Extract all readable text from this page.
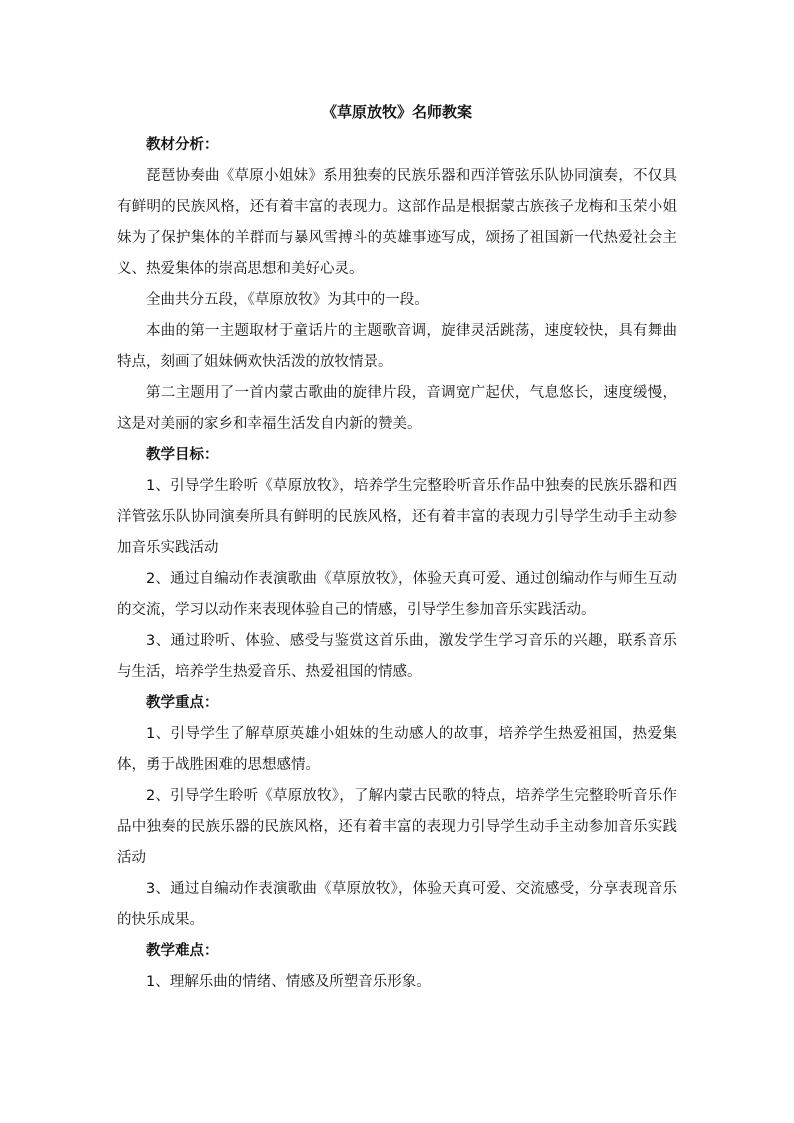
《草原放牧》名师教案

教材分析：

琵琶协奏曲《草原小姐妹》系用独奏的民族乐器和西洋管弦乐队协同演奏，不仅具有鲜明的民族风格，还有着丰富的表现力。这部作品是根据蒙古族孩子龙梅和玉荣小姐妹为了保护集体的羊群而与暴风雪搏斗的英雄事迹写成，颂扬了祖国新一代热爱社会主义、热爱集体的崇高思想和美好心灵。

全曲共分五段，《草原放牧》为其中的一段。

本曲的第一主题取材于童话片的主题歌音调，旋律灵活跳荡，速度较快，具有舞曲特点，刻画了姐妹俩欢快活泼的放牧情景。

第二主题用了一首内蒙古歌曲的旋律片段，音调宽广起伏，气息悠长，速度缓慢，这是对美丽的家乡和幸福生活发自内新的赞美。

教学目标：

1、引导学生聆听《草原放牧》，培养学生完整聆听音乐作品中独奏的民族乐器和西洋管弦乐队协同演奏所具有鲜明的民族风格，还有着丰富的表现力引导学生动手主动参加音乐实践活动

2、通过自编动作表演歌曲《草原放牧》，体验天真可爱、通过创编动作与师生互动的交流，学习以动作来表现体验自己的情感，引导学生参加音乐实践活动。

3、通过聆听、体验、感受与鉴赏这首乐曲，激发学生学习音乐的兴趣，联系音乐与生活，培养学生热爱音乐、热爱祖国的情感。

教学重点：

1、引导学生了解草原英雄小姐妹的生动感人的故事，培养学生热爱祖国，热爱集体，勇于战胜困难的思想感情。

2、引导学生聆听《草原放牧》，了解内蒙古民歌的特点，培养学生完整聆听音乐作品中独奏的民族乐器的民族风格，还有着丰富的表现力引导学生动手主动参加音乐实践活动

3、通过自编动作表演歌曲《草原放牧》，体验天真可爱、交流感受，分享表现音乐的快乐成果。

教学难点：

1、理解乐曲的情绪、情感及所塑音乐形象。
